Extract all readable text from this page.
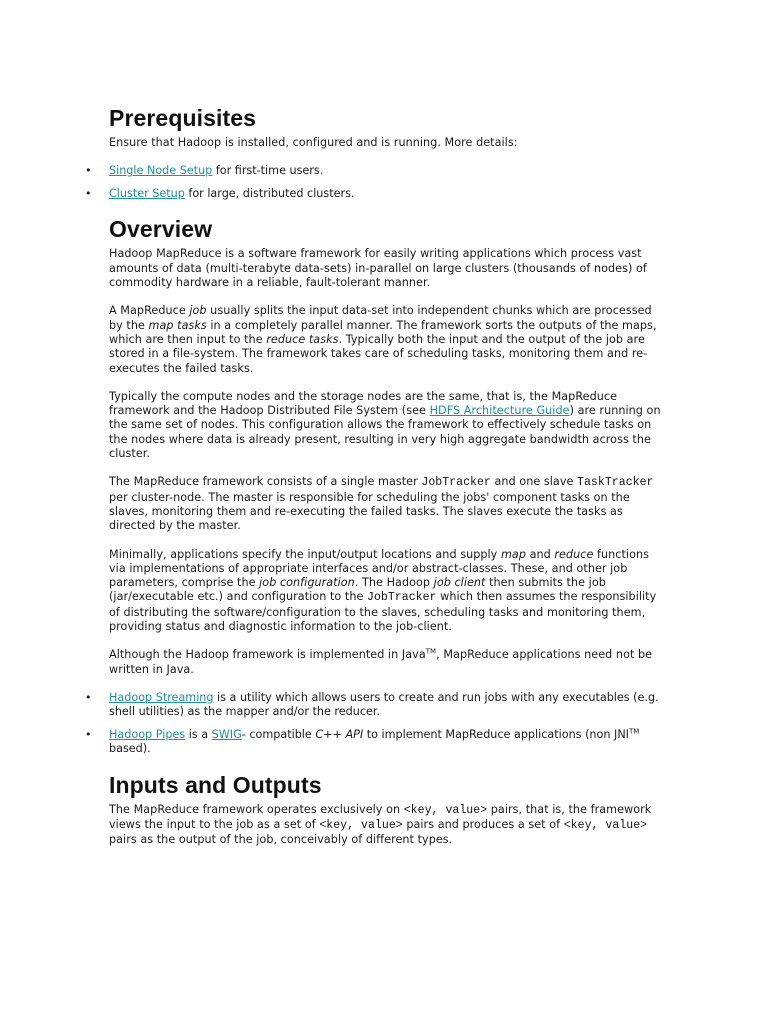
Prerequisites

Ensure that Hadoop is installed, configured and is running. More details:

• Single Node Setup for first-time users.
• Cluster Setup for large, distributed clusters.
Overview

Hadoop MapReduce is a software framework for easily writing applications which process vast amounts of data (multi-terabyte data-sets) in-parallel on large clusters (thousands of nodes) of commodity hardware in a reliable, fault-tolerant manner.

A MapReduce job usually splits the input data-set into independent chunks which are processed by the map tasks in a completely parallel manner. The framework sorts the outputs of the maps, which are then input to the reduce tasks. Typically both the input and the output of the job are stored in a file-system. The framework takes care of scheduling tasks, monitoring them and re-executes the failed tasks.

Typically the compute nodes and the storage nodes are the same, that is, the MapReduce framework and the Hadoop Distributed File System (see HDFS Architecture Guide) are running on the same set of nodes. This configuration allows the framework to effectively schedule tasks on the nodes where data is already present, resulting in very high aggregate bandwidth across the cluster.

The MapReduce framework consists of a single master JobTracker and one slave TaskTracker per cluster-node. The master is responsible for scheduling the jobs' component tasks on the slaves, monitoring them and re-executing the failed tasks. The slaves execute the tasks as directed by the master.

Minimally, applications specify the input/output locations and supply map and reduce functions via implementations of appropriate interfaces and/or abstract-classes. These, and other job parameters, comprise the job configuration. The Hadoop job client then submits the job (jar/executable etc.) and configuration to the JobTracker which then assumes the responsibility of distributing the software/configuration to the slaves, scheduling tasks and monitoring them, providing status and diagnostic information to the job-client.

Although the Hadoop framework is implemented in Java™, MapReduce applications need not be written in Java.

• Hadoop Streaming is a utility which allows users to create and run jobs with any executables (e.g. shell utilities) as the mapper and/or the reducer.
• Hadoop Pipes is a SWIG- compatible C++ API to implement MapReduce applications (non JNI™ based).
Inputs and Outputs

The MapReduce framework operates exclusively on <key, value> pairs, that is, the framework views the input to the job as a set of <key, value> pairs and produces a set of <key, value> pairs as the output of the job, conceivably of different types.
